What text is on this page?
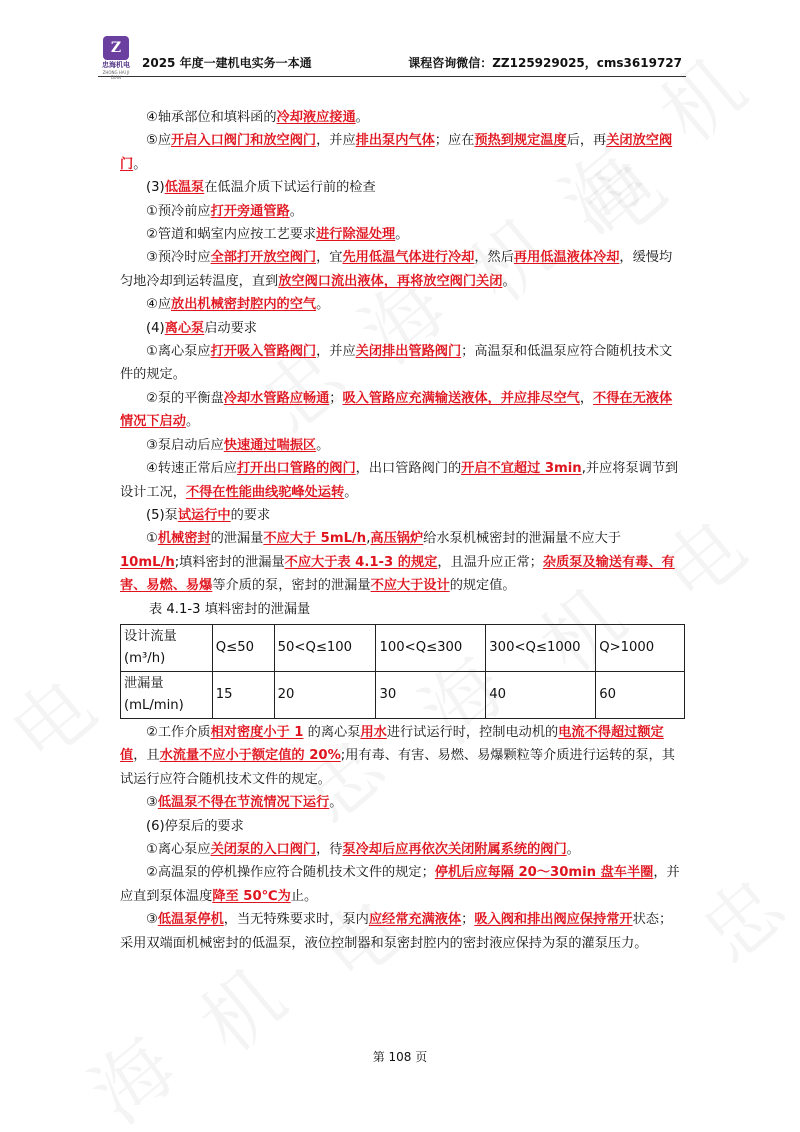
Z
忠海机电
ZHONG HAI JI DIAN
2025 年度一建机电实务一本通	课程咨询微信：ZZ125929025，cms3619727

④轴承部位和填料函的冷却液应接通。

⑤应开启入口阀门和放空阀门，并应排出泵内气体；应在预热到规定温度后，再关闭放空阀门。

(3)低温泵在低温介质下试运行前的检查

①预冷前应打开旁通管路。

②管道和蜗室内应按工艺要求进行除湿处理。

③预冷时应全部打开放空阀门，宜先用低温气体进行冷却，然后再用低温液体冷却，缓慢均匀地冷却到运转温度，直到放空阀口流出液体，再将放空阀门关闭。

④应放出机械密封腔内的空气。

(4)离心泵启动要求

①离心泵应打开吸入管路阀门，并应关闭排出管路阀门；高温泵和低温泵应符合随机技术文件的规定。

②泵的平衡盘冷却水管路应畅通；吸入管路应充满输送液体，并应排尽空气，不得在无液体情况下启动。

③泵启动后应快速通过喘振区。

④转速正常后应打开出口管路的阀门，出口管路阀门的开启不宜超过 3min,并应将泵调节到设计工况，不得在性能曲线驼峰处运转。

(5)泵试运行中的要求

①机械密封的泄漏量不应大于 5mL/h,高压锅炉给水泵机械密封的泄漏量不应大于 10mL/h;填料密封的泄漏量不应大于表 4.1-3 的规定，且温升应正常；杂质泵及输送有毒、有害、易燃、易爆等介质的泵，密封的泄漏量不应大于设计的规定值。

表 4.1-3 填料密封的泄漏量

设计流量(m³/h)	Q≤50	50<Q≤100	100<Q≤300	300<Q≤1000	Q>1000
泄漏量(mL/min)	15	20	30	40	60

②工作介质相对密度小于 1 的离心泵用水进行试运行时，控制电动机的电流不得超过额定值，且水流量不应小于额定值的 20%;用有毒、有害、易燃、易爆颗粒等介质进行运转的泵，其试运行应符合随机技术文件的规定。

③低温泵不得在节流情况下运行。

(6)停泵后的要求

①离心泵应关闭泵的入口阀门，待泵冷却后应再依次关闭附属系统的阀门。

②高温泵的停机操作应符合随机技术文件的规定；停机后应每隔 20～30min 盘车半圈，并应直到泵体温度降至 50℃为止。

③低温泵停机，当无特殊要求时，泵内应经常充满液体；吸入阀和排出阀应保持常开状态；采用双端面机械密封的低温泵，液位控制器和泵密封腔内的密封液应保持为泵的灌泵压力。

第 108 页
